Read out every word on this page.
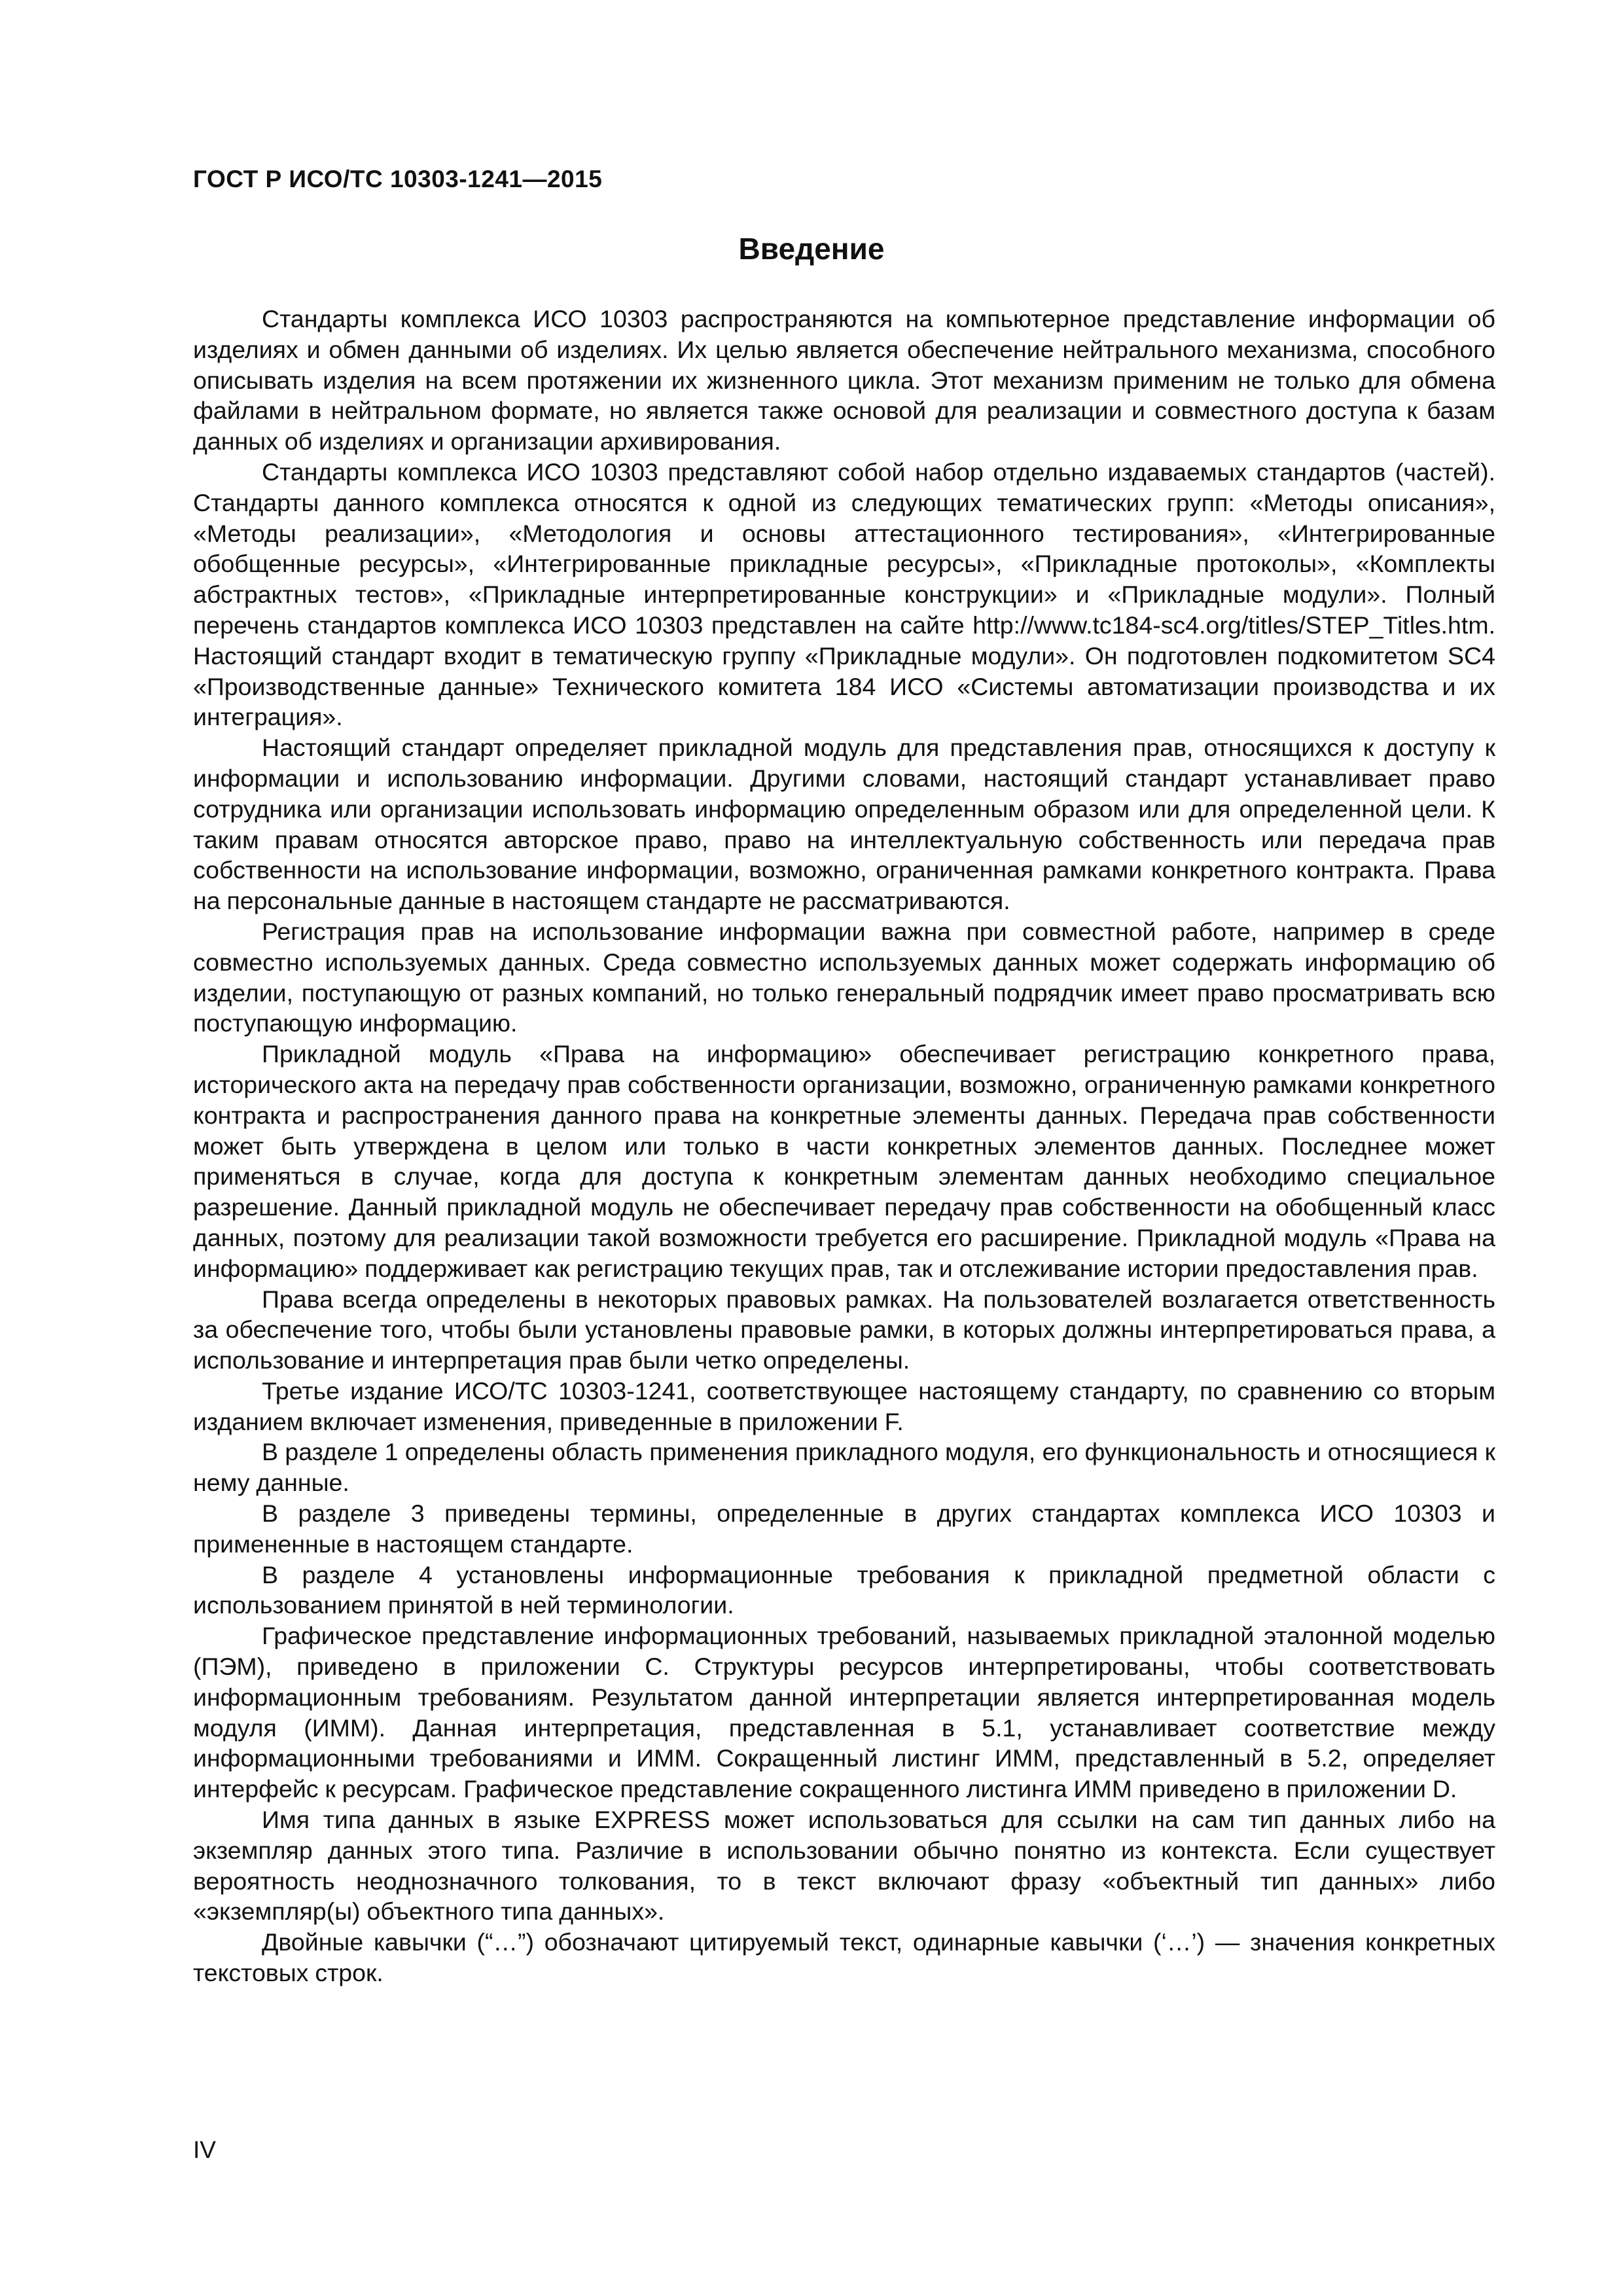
ГОСТ Р ИСО/ТС 10303-1241—2015
Введение

Стандарты комплекса ИСО 10303 распространяются на компьютерное представление информации об изделиях и обмен данными об изделиях. Их целью является обеспечение нейтрального механизма, способного описывать изделия на всем протяжении их жизненного цикла. Этот механизм применим не только для обмена файлами в нейтральном формате, но является также основой для реализации и совместного доступа к базам данных об изделиях и организации архивирования.

Стандарты комплекса ИСО 10303 представляют собой набор отдельно издаваемых стандартов (частей). Стандарты данного комплекса относятся к одной из следующих тематических групп: «Методы описания», «Методы реализации», «Методология и основы аттестационного тестирования», «Интегрированные обобщенные ресурсы», «Интегрированные прикладные ресурсы», «Прикладные протоколы», «Комплекты абстрактных тестов», «Прикладные интерпретированные конструкции» и «Прикладные модули». Полный перечень стандартов комплекса ИСО 10303 представлен на сайте http://www.tc184-sc4.org/titles/STEP_Titles.htm. Настоящий стандарт входит в тематическую группу «Прикладные модули». Он подготовлен подкомитетом SC4 «Производственные данные» Технического комитета 184 ИСО «Системы автоматизации производства и их интеграция».

Настоящий стандарт определяет прикладной модуль для представления прав, относящихся к доступу к информации и использованию информации. Другими словами, настоящий стандарт устанавливает право сотрудника или организации использовать информацию определенным образом или для определенной цели. К таким правам относятся авторское право, право на интеллектуальную собственность или передача прав собственности на использование информации, возможно, ограниченная рамками конкретного контракта. Права на персональные данные в настоящем стандарте не рассматриваются.

Регистрация прав на использование информации важна при совместной работе, например в среде совместно используемых данных. Среда совместно используемых данных может содержать информацию об изделии, поступающую от разных компаний, но только генеральный подрядчик имеет право просматривать всю поступающую информацию.

Прикладной модуль «Права на информацию» обеспечивает регистрацию конкретного права, исторического акта на передачу прав собственности организации, возможно, ограниченную рамками конкретного контракта и распространения данного права на конкретные элементы данных. Передача прав собственности может быть утверждена в целом или только в части конкретных элементов данных. Последнее может применяться в случае, когда для доступа к конкретным элементам данных необходимо специальное разрешение. Данный прикладной модуль не обеспечивает передачу прав собственности на обобщенный класс данных, поэтому для реализации такой возможности требуется его расширение. Прикладной модуль «Права на информацию» поддерживает как регистрацию текущих прав, так и отслеживание истории предоставления прав.

Права всегда определены в некоторых правовых рамках. На пользователей возлагается ответственность за обеспечение того, чтобы были установлены правовые рамки, в которых должны интерпретироваться права, а использование и интерпретация прав были четко определены.

Третье издание ИСО/ТС 10303-1241, соответствующее настоящему стандарту, по сравнению со вторым изданием включает изменения, приведенные в приложении F.

В разделе 1 определены область применения прикладного модуля, его функциональность и относящиеся к нему данные.

В разделе 3 приведены термины, определенные в других стандартах комплекса ИСО 10303 и примененные в настоящем стандарте.

В разделе 4 установлены информационные требования к прикладной предметной области с использованием принятой в ней терминологии.

Графическое представление информационных требований, называемых прикладной эталонной моделью (ПЭМ), приведено в приложении С. Структуры ресурсов интерпретированы, чтобы соответствовать информационным требованиям. Результатом данной интерпретации является интерпретированная модель модуля (ИММ). Данная интерпретация, представленная в 5.1, устанавливает соответствие между информационными требованиями и ИММ. Сокращенный листинг ИММ, представленный в 5.2, определяет интерфейс к ресурсам. Графическое представление сокращенного листинга ИММ приведено в приложении D.

Имя типа данных в языке EXPRESS может использоваться для ссылки на сам тип данных либо на экземпляр данных этого типа. Различие в использовании обычно понятно из контекста. Если существует вероятность неоднозначного толкования, то в текст включают фразу «объектный тип данных» либо «экземпляр(ы) объектного типа данных».

Двойные кавычки (“…”) обозначают цитируемый текст, одинарные кавычки (‘…’) — значения конкретных текстовых строк.

IV
